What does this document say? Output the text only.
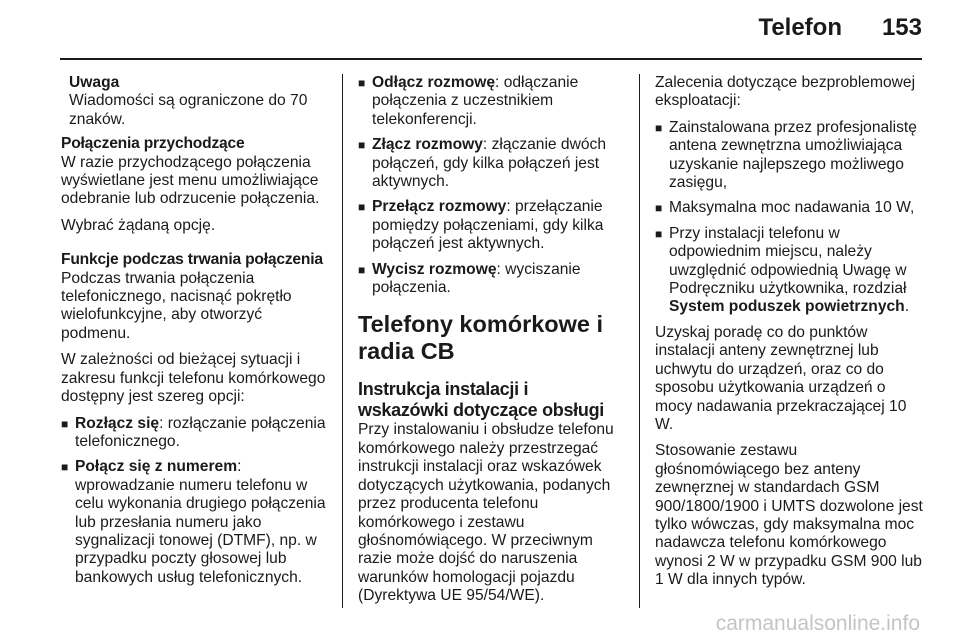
Telefon 153
Uwaga
Wiadomości są ograniczone do 70 znaków.
Połączenia przychodzące

W razie przychodzącego połączenia wyświetlane jest menu umożliwiające odebranie lub odrzucenie połączenia.

Wybrać żądaną opcję.

Funkcje podczas trwania połączenia

Podczas trwania połączenia telefonicznego, nacisnąć pokrętło wielofunkcyjne, aby otworzyć podmenu.

W zależności od bieżącej sytuacji i zakresu funkcji telefonu komórkowego dostępny jest szereg opcji:

■ Rozłącz się: rozłączanie połączenia telefonicznego.
■ Połącz się z numerem: wprowadzanie numeru telefonu w celu wykonania drugiego połączenia lub przesłania numeru jako sygnalizacji tonowej (DTMF), np. w przypadku poczty głosowej lub bankowych usług telefonicznych.
■ Odłącz rozmowę: odłączanie połączenia z uczestnikiem telekonferencji.
■ Złącz rozmowy: złączanie dwóch połączeń, gdy kilka połączeń jest aktywnych.
■ Przełącz rozmowy: przełączanie pomiędzy połączeniami, gdy kilka połączeń jest aktywnych.
■ Wycisz rozmowę: wyciszanie połączenia.
Telefony komórkowe i radia CB
Instrukcja instalacji i wskazówki dotyczące obsługi

Przy instalowaniu i obsłudze telefonu komórkowego należy przestrzegać instrukcji instalacji oraz wskazówek dotyczących użytkowania, podanych przez producenta telefonu komórkowego i zestawu głośnomówiącego. W przeciwnym razie może dojść do naruszenia warunków homologacji pojazdu (Dyrektywa UE 95/54/WE).

Zalecenia dotyczące bezproblemowej eksploatacji:

■ Zainstalowana przez profesjonalistę antena zewnętrzna umożliwiająca uzyskanie najlepszego możliwego zasięgu,
■ Maksymalna moc nadawania 10 W,
■ Przy instalacji telefonu w odpowiednim miejscu, należy uwzględnić odpowiednią Uwagę w Podręczniku użytkownika, rozdział System poduszek powietrznych.

Uzyskaj poradę co do punktów instalacji anteny zewnętrznej lub uchwytu do urządzeń, oraz co do sposobu użytkowania urządzeń o mocy nadawania przekraczającej 10 W.

Stosowanie zestawu głośnomówiącego bez anteny zewnęrznej w standardach GSM 900/1800/1900 i UMTS dozwolone jest tylko wówczas, gdy maksymalna moc nadawcza telefonu komórkowego wynosi 2 W w przypadku GSM 900 lub 1 W dla innych typów.

carmanualsonline.info
